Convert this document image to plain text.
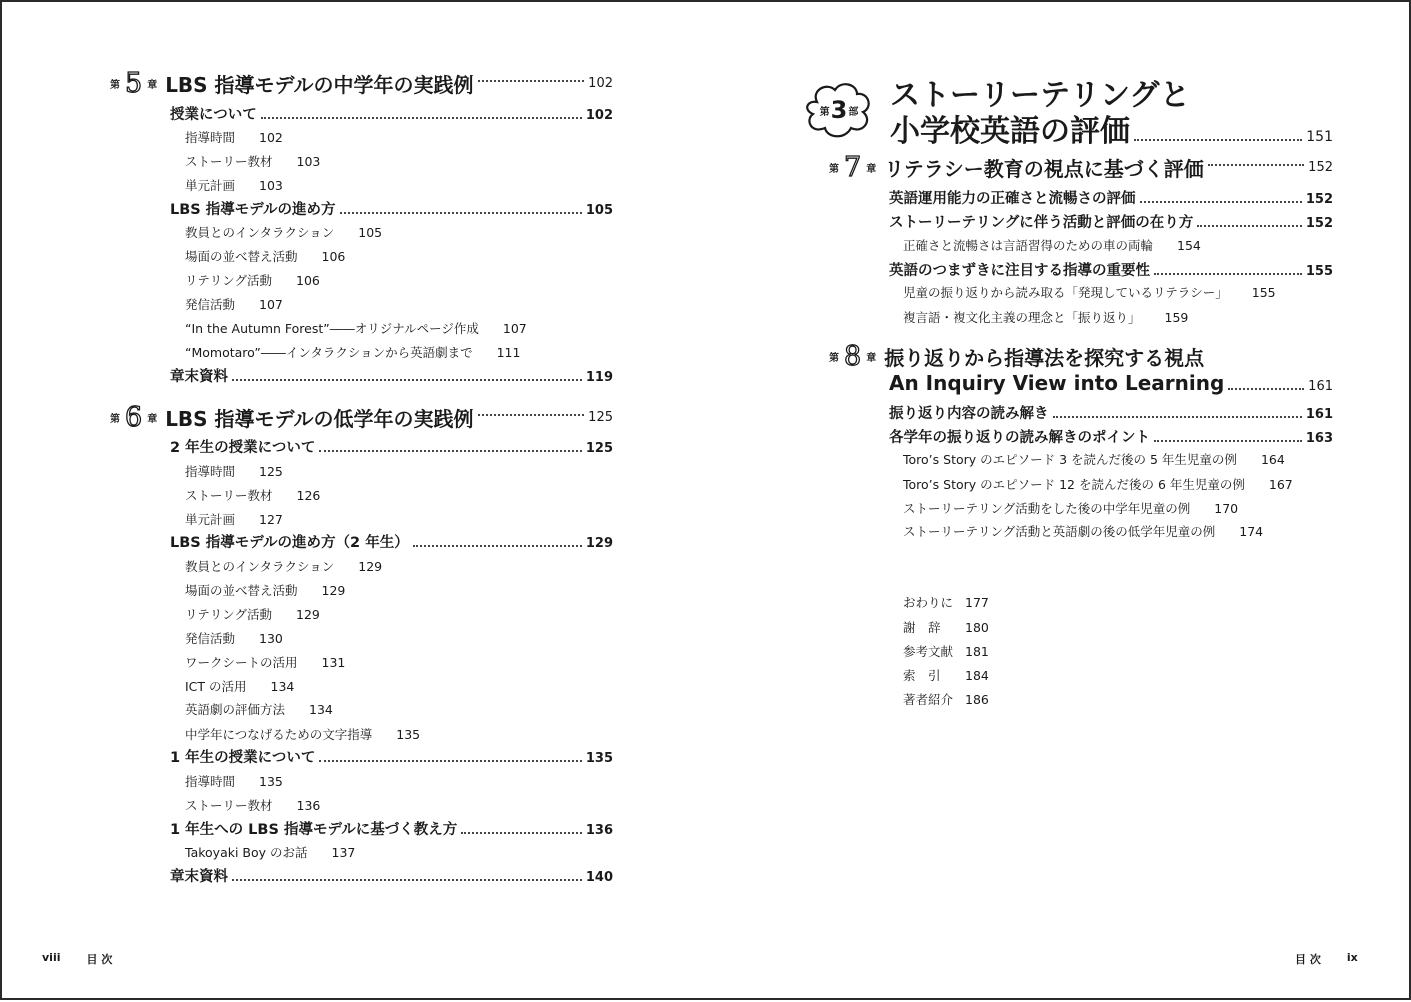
第 5 章 LBS 指導モデルの中学年の実践例	102
授業について	102
指導時間 102
ストーリー教材 103
単元計画 103
LBS 指導モデルの進め方	105
教員とのインタラクション 105
場面の並べ替え活動 106
リテリング活動 106
発信活動 107
“In the Autumn Forest”――オリジナルページ作成 107
“Momotaro”――インタラクションから英語劇まで 111
章末資料	119
第 6 章 LBS 指導モデルの低学年の実践例	125
2 年生の授業について	125
指導時間 125
ストーリー教材 126
単元計画 127
LBS 指導モデルの進め方（2 年生）	129
教員とのインタラクション 129
場面の並べ替え活動 129
リテリング活動 129
発信活動 130
ワークシートの活用 131
ICT の活用 134
英語劇の評価方法 134
中学年につなげるための文字指導 135
1 年生の授業について	135
指導時間 135
ストーリー教材 136
1 年生への LBS 指導モデルに基づく教え方	136
Takoyaki Boy のお話 137
章末資料	140
viii 目 次
第 3 部 ストーリーテリングと
小学校英語の評価	151
第 7 章 リテラシー教育の視点に基づく評価	152
英語運用能力の正確さと流暢さの評価	152
ストーリーテリングに伴う活動と評価の在り方	152
正確さと流暢さは言語習得のための車の両輪 154
英語のつまずきに注目する指導の重要性	155
児童の振り返りから読み取る「発現しているリテラシー」 155
複言語・複文化主義の理念と「振り返り」 159
第 8 章 振り返りから指導法を探究する視点
An Inquiry View into Learning	161
振り返り内容の読み解き	161
各学年の振り返りの読み解きのポイント	163
Toro’s Story のエピソード 3 を読んだ後の 5 年生児童の例 164
Toro’s Story のエピソード 12 を読んだ後の 6 年生児童の例 167
ストーリーテリング活動をした後の中学年児童の例 170
ストーリーテリング活動と英語劇の後の低学年児童の例 174
おわりに 177
謝　辞	180
参考文献 181
索　引	184
著者紹介 186
目 次 ix
